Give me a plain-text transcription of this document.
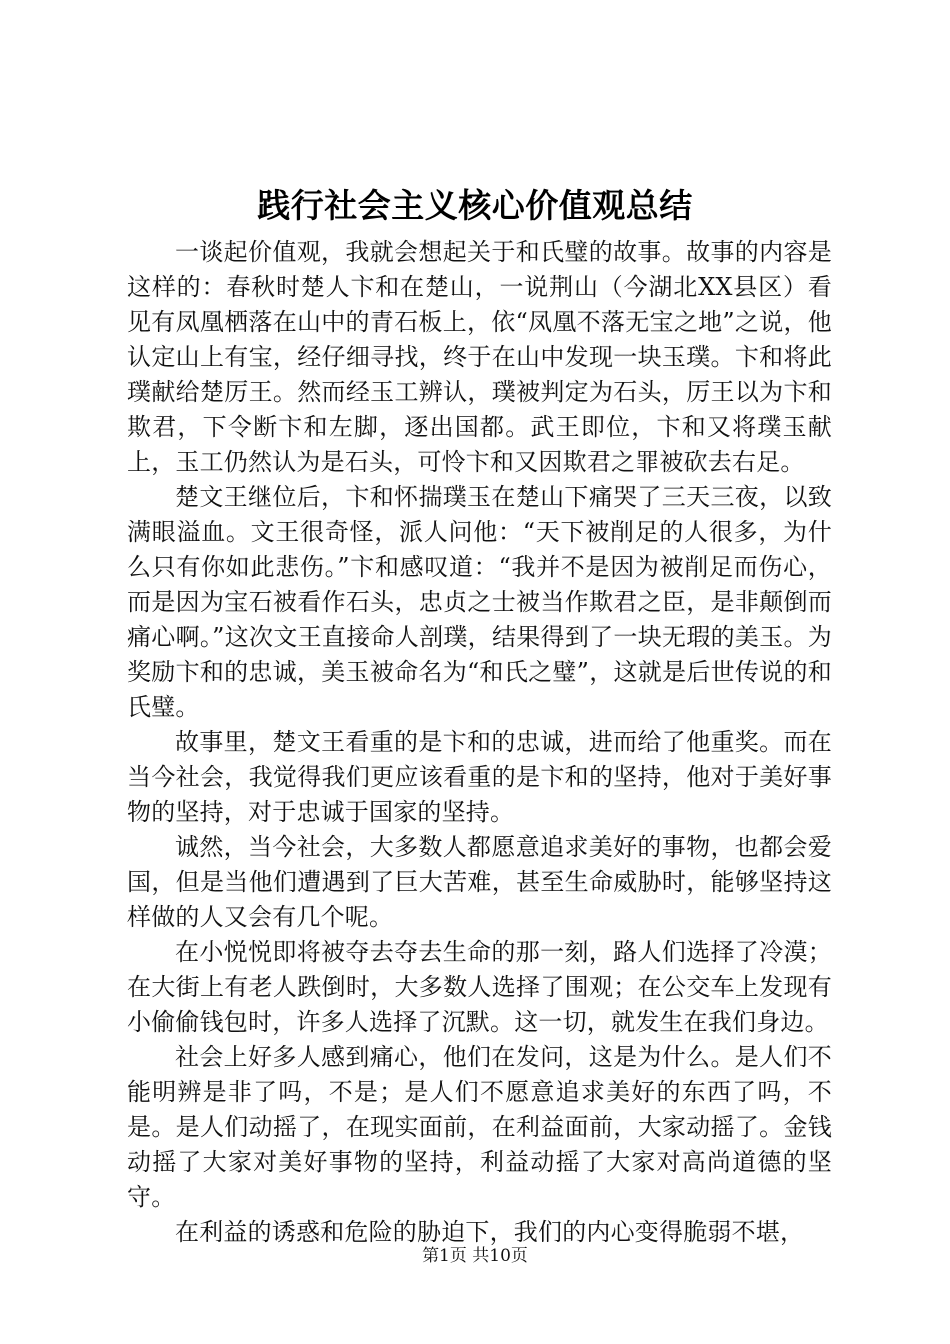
践行社会主义核心价值观总结

一谈起价值观，我就会想起关于和氏璧的故事。故事的内容是这样的：春秋时楚人卞和在楚山，一说荆山（今湖北XX县区）看见有凤凰栖落在山中的青石板上，依“凤凰不落无宝之地”之说，他认定山上有宝，经仔细寻找，终于在山中发现一块玉璞。卞和将此璞献给楚厉王。然而经玉工辨认，璞被判定为石头，厉王以为卞和欺君，下令断卞和左脚，逐出国都。武王即位，卞和又将璞玉献上，玉工仍然认为是石头，可怜卞和又因欺君之罪被砍去右足。

楚文王继位后，卞和怀揣璞玉在楚山下痛哭了三天三夜，以致满眼溢血。文王很奇怪，派人问他：“天下被削足的人很多，为什么只有你如此悲伤。”卞和感叹道：“我并不是因为被削足而伤心，而是因为宝石被看作石头，忠贞之士被当作欺君之臣，是非颠倒而痛心啊。”这次文王直接命人剖璞，结果得到了一块无瑕的美玉。为奖励卞和的忠诚，美玉被命名为“和氏之璧”，这就是后世传说的和氏璧。

故事里，楚文王看重的是卞和的忠诚，进而给了他重奖。而在当今社会，我觉得我们更应该看重的是卞和的坚持，他对于美好事物的坚持，对于忠诚于国家的坚持。

诚然，当今社会，大多数人都愿意追求美好的事物，也都会爱国，但是当他们遭遇到了巨大苦难，甚至生命威胁时，能够坚持这样做的人又会有几个呢。

在小悦悦即将被夺去夺去生命的那一刻，路人们选择了冷漠；在大街上有老人跌倒时，大多数人选择了围观；在公交车上发现有小偷偷钱包时，许多人选择了沉默。这一切，就发生在我们身边。

社会上好多人感到痛心，他们在发问，这是为什么。是人们不能明辨是非了吗，不是；是人们不愿意追求美好的东西了吗，不是。是人们动摇了，在现实面前，在利益面前，大家动摇了。金钱动摇了大家对美好事物的坚持，利益动摇了大家对高尚道德的坚守。

在利益的诱惑和危险的胁迫下，我们的内心变得脆弱不堪，

第1页 共10页
